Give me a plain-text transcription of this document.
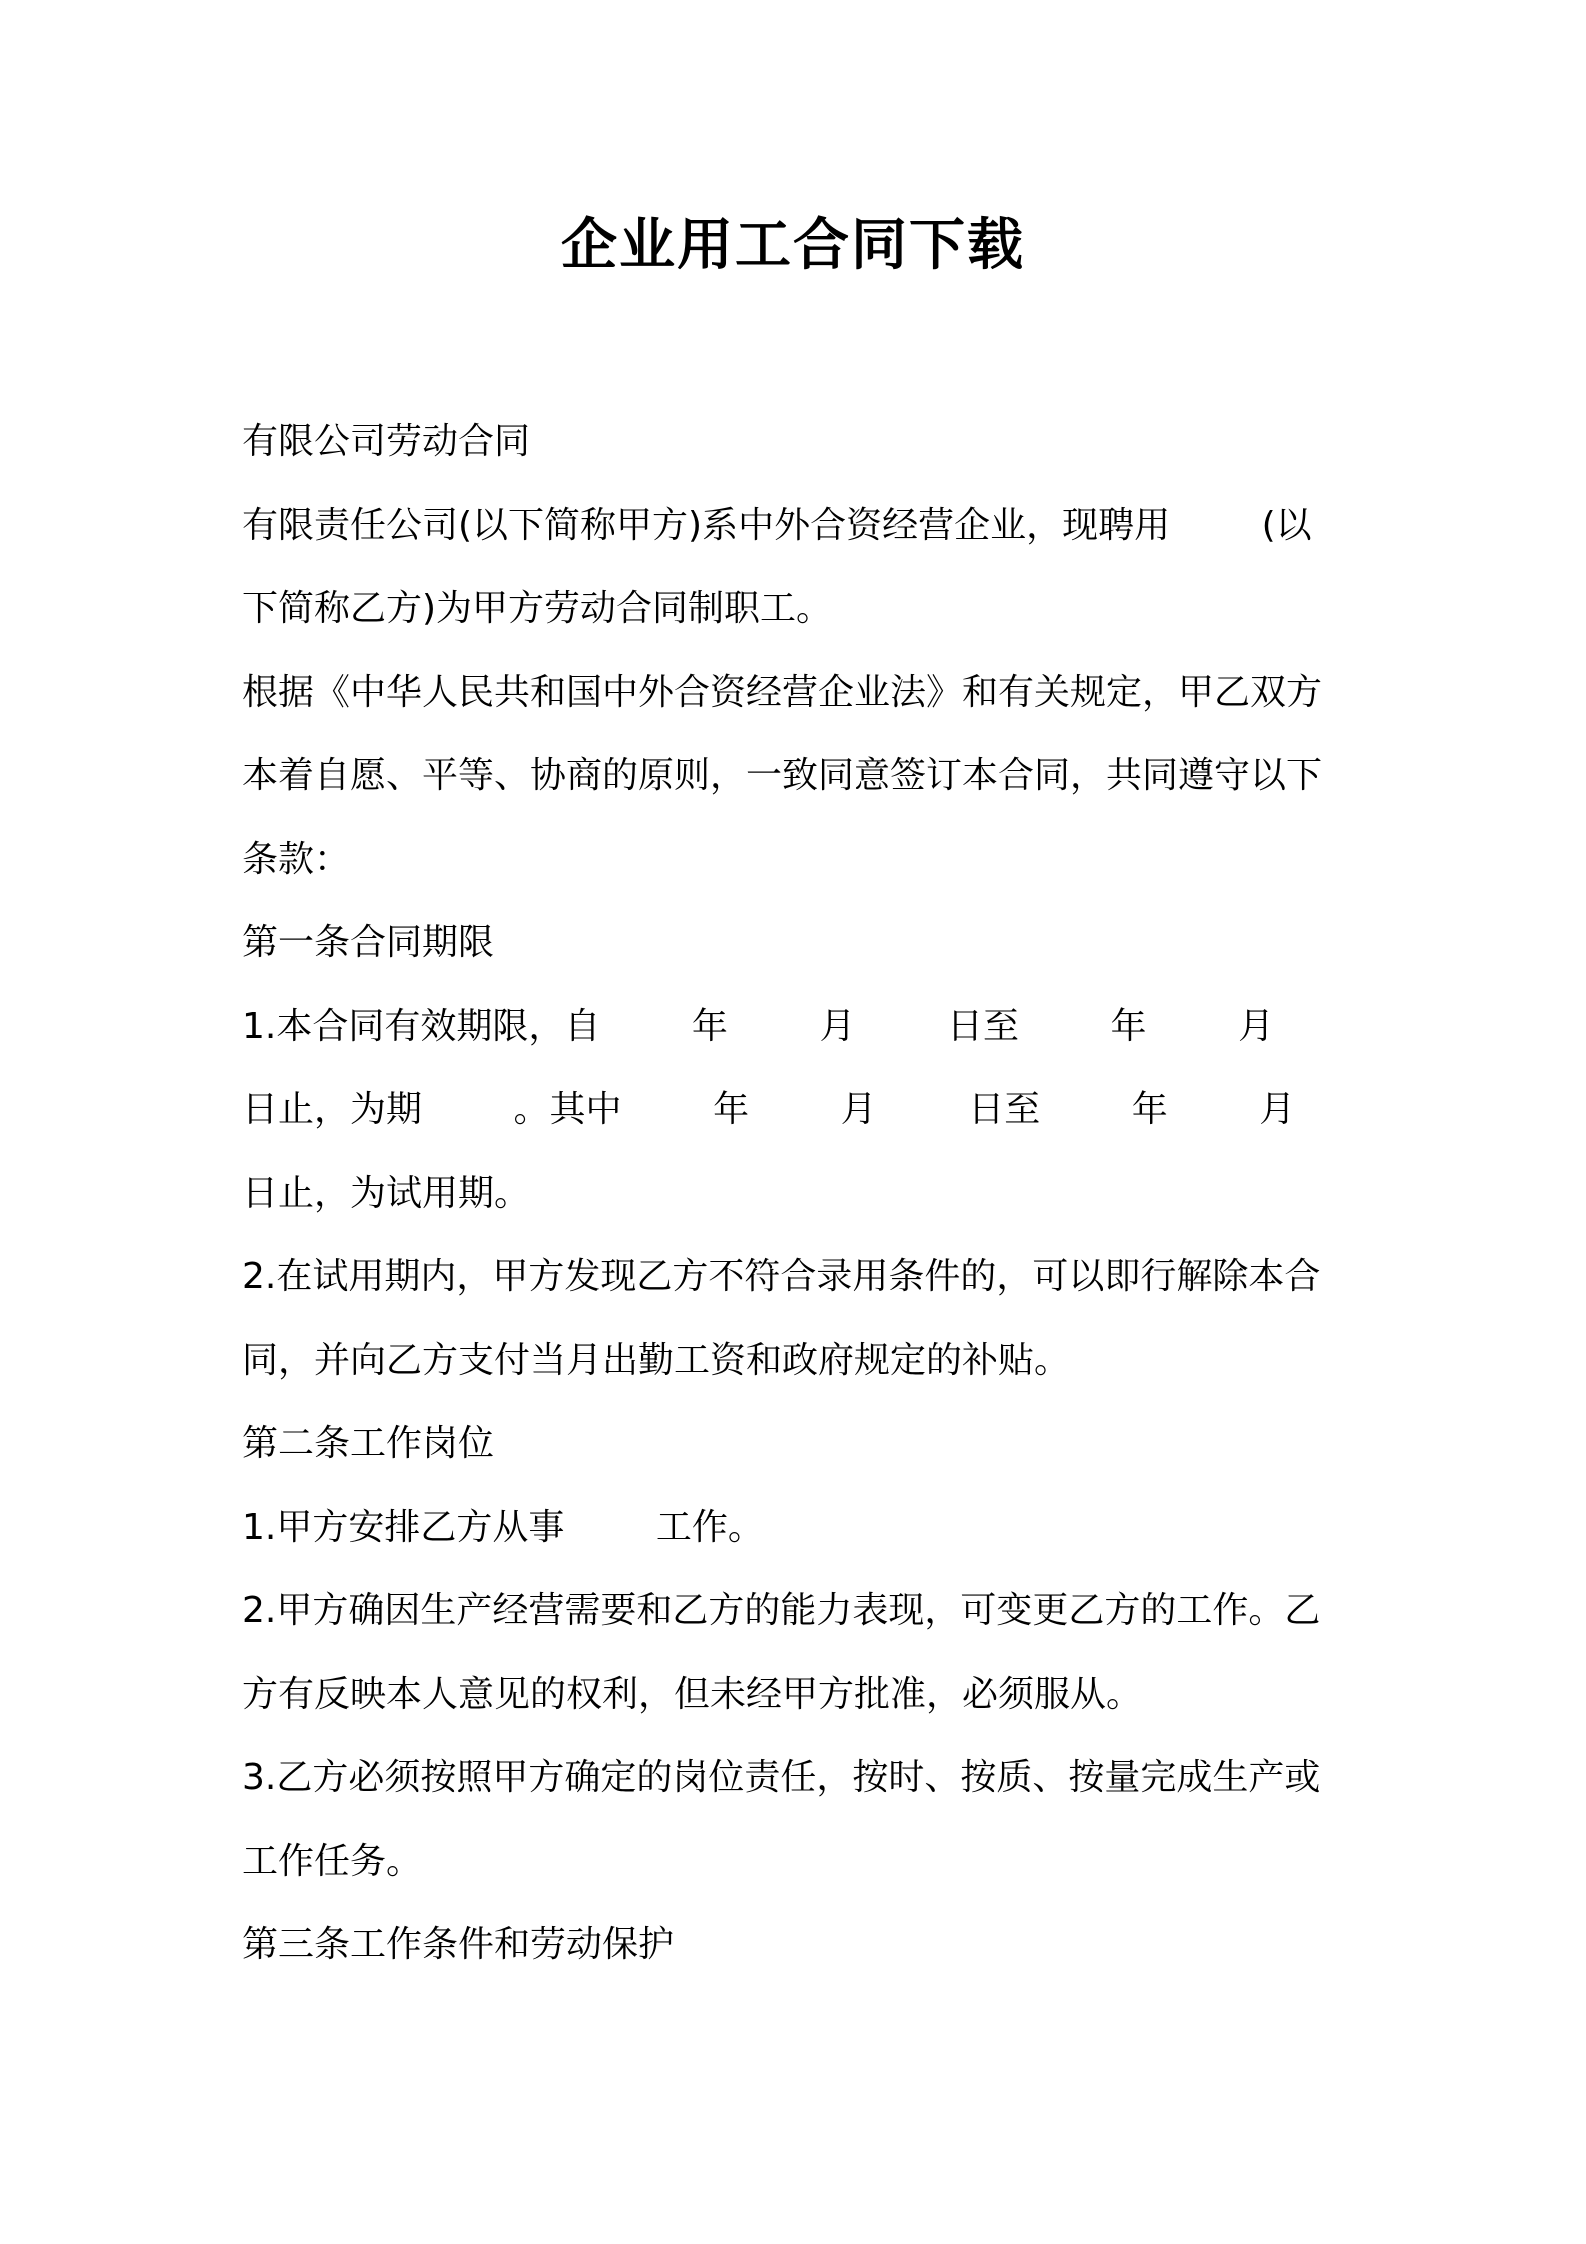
企业用工合同下载
有限公司劳动合同
有限责任公司(以下简称甲方)系中外合资经营企业，现聘用        (以
下简称乙方)为甲方劳动合同制职工。
根据《中华人民共和国中外合资经营企业法》和有关规定，甲乙双方
本着自愿、平等、协商的原则，一致同意签订本合同，共同遵守以下
条款：
第一条合同期限
1.本合同有效期限，自        年        月        日至        年        月
日止，为期        。其中        年        月        日至        年        月
日止，为试用期。
2.在试用期内，甲方发现乙方不符合录用条件的，可以即行解除本合
同，并向乙方支付当月出勤工资和政府规定的补贴。
第二条工作岗位
1.甲方安排乙方从事        工作。
2.甲方确因生产经营需要和乙方的能力表现，可变更乙方的工作。乙
方有反映本人意见的权利，但未经甲方批准，必须服从。
3.乙方必须按照甲方确定的岗位责任，按时、按质、按量完成生产或
工作任务。
第三条工作条件和劳动保护
